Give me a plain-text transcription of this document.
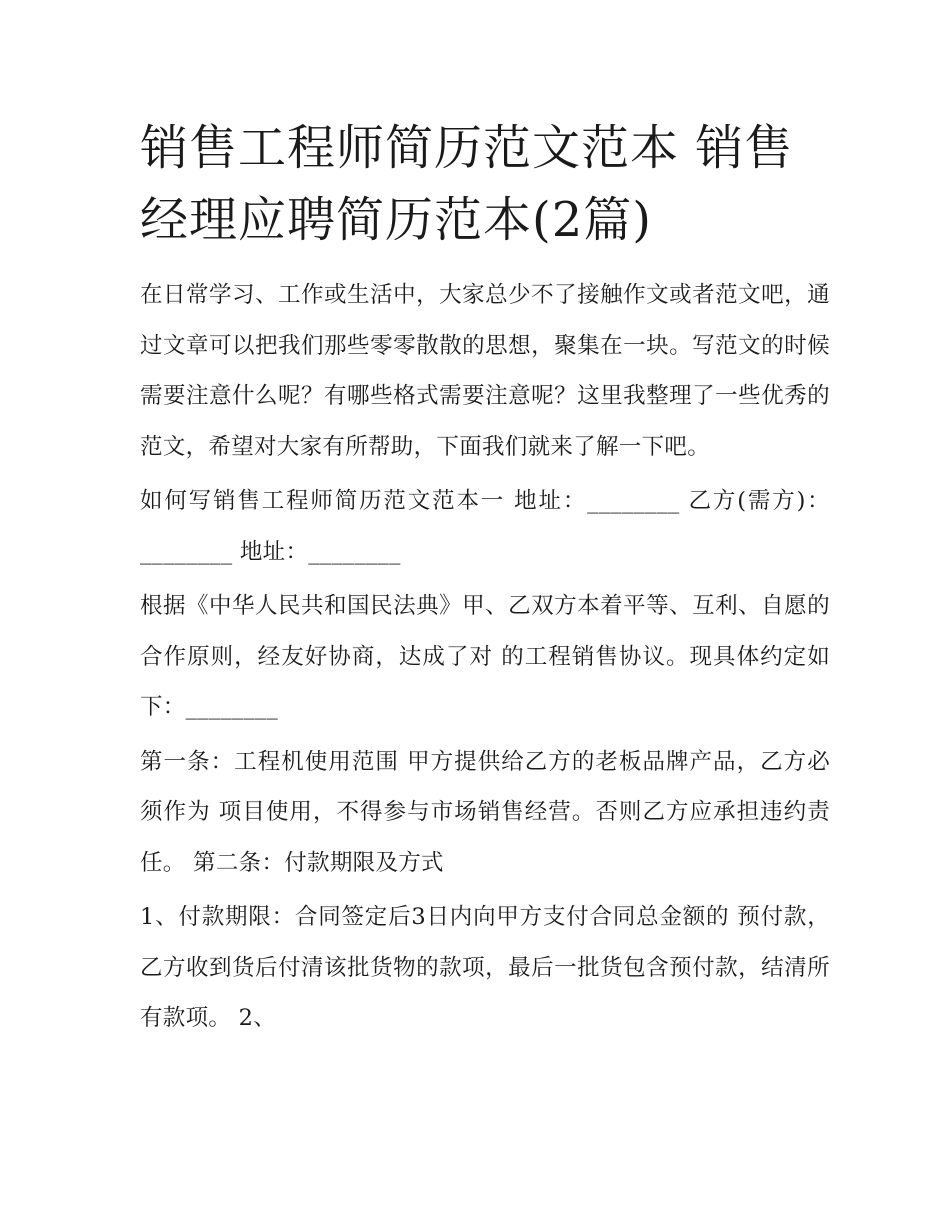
销售工程师简历范文范本 销售经理应聘简历范本(2篇)

在日常学习、工作或生活中，大家总少不了接触作文或者范文吧，通过文章可以把我们那些零零散散的思想，聚集在一块。写范文的时候需要注意什么呢？有哪些格式需要注意呢？这里我整理了一些优秀的范文，希望对大家有所帮助，下面我们就来了解一下吧。

如何写销售工程师简历范文范本一 地址：________ 乙方(需方)：________ 地址：________

根据《中华人民共和国民法典》甲、乙双方本着平等、互利、自愿的合作原则，经友好协商，达成了对 的工程销售协议。现具体约定如下：________

第一条：工程机使用范围 甲方提供给乙方的老板品牌产品，乙方必须作为 项目使用，不得参与市场销售经营。否则乙方应承担违约责任。 第二条：付款期限及方式

1、付款期限：合同签定后3日内向甲方支付合同总金额的 预付款，乙方收到货后付清该批货物的款项，最后一批货包含预付款，结清所有款项。 2、
